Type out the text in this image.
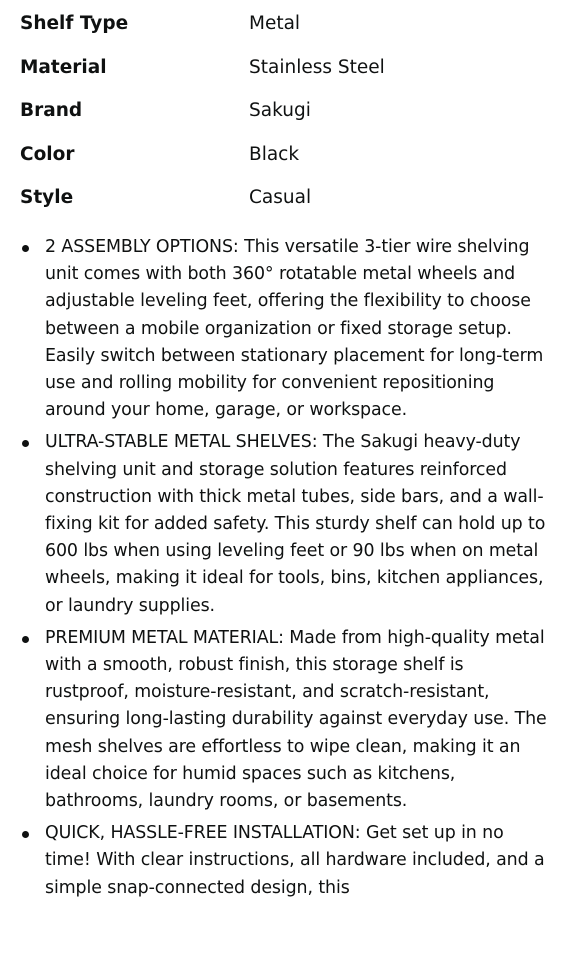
Shelf Type	Metal
Material	Stainless Steel
Brand	Sakugi
Color	Black
Style	Casual
2 ASSEMBLY OPTIONS: This versatile 3-tier wire shelving unit comes with both 360° rotatable metal wheels and adjustable leveling feet, offering the flexibility to choose between a mobile organization or fixed storage setup. Easily switch between stationary placement for long-term use and rolling mobility for convenient repositioning around your home, garage, or workspace.
ULTRA-STABLE METAL SHELVES: The Sakugi heavy-duty shelving unit and storage solution features reinforced construction with thick metal tubes, side bars, and a wall-fixing kit for added safety. This sturdy shelf can hold up to 600 lbs when using leveling feet or 90 lbs when on metal wheels, making it ideal for tools, bins, kitchen appliances, or laundry supplies.
PREMIUM METAL MATERIAL: Made from high-quality metal with a smooth, robust finish, this storage shelf is rustproof, moisture-resistant, and scratch-resistant, ensuring long-lasting durability against everyday use. The mesh shelves are effortless to wipe clean, making it an ideal choice for humid spaces such as kitchens, bathrooms, laundry rooms, or basements.
QUICK, HASSLE-FREE INSTALLATION: Get set up in no time! With clear instructions, all hardware included, and a simple snap-connected design, this
